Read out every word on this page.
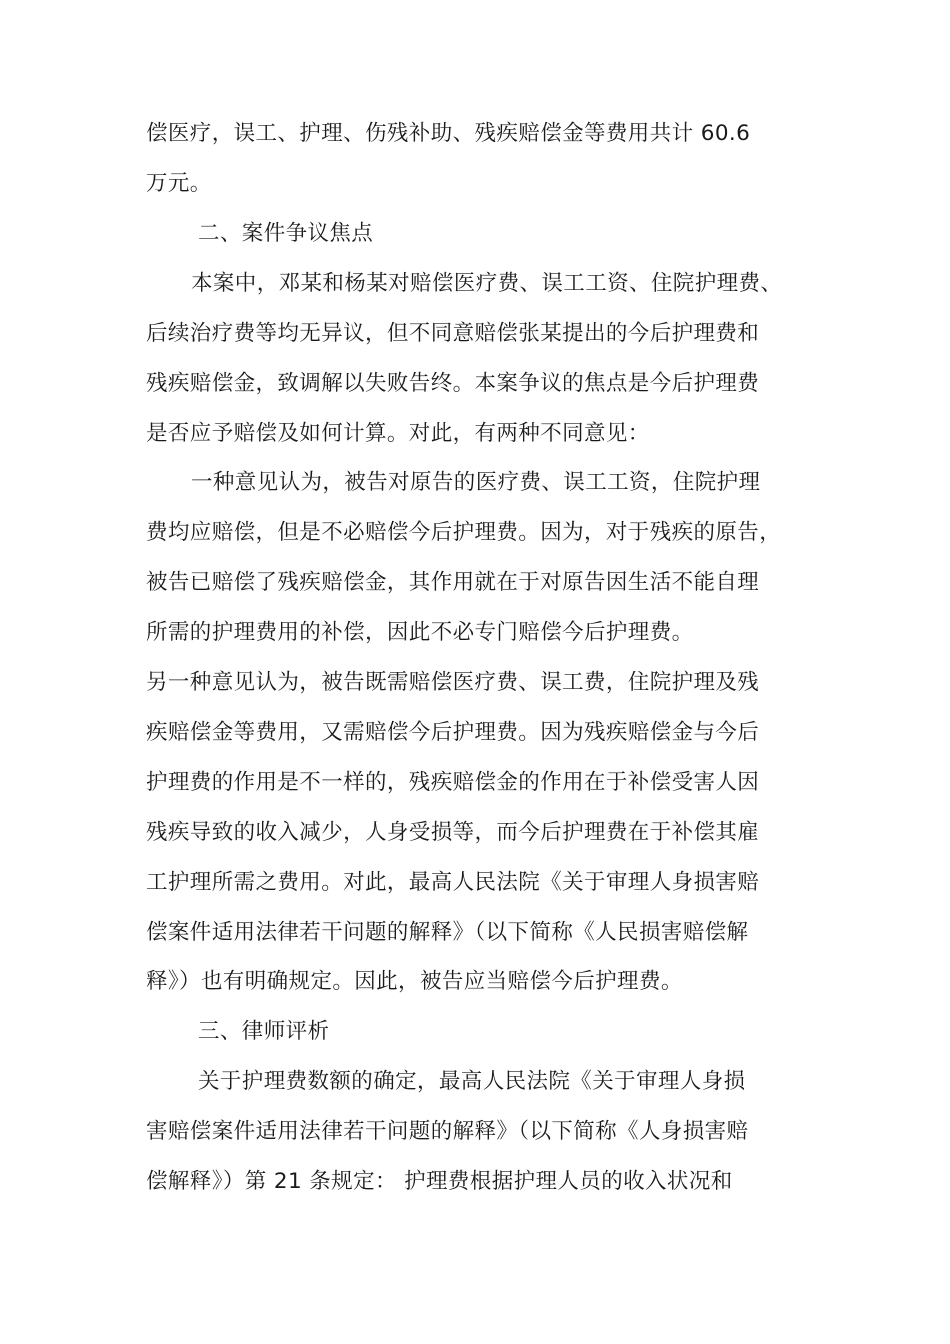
偿医疗，误工、护理、伤残补助、残疾赔偿金等费用共计 60.6
万元。
二、案件争议焦点
本案中，邓某和杨某对赔偿医疗费、误工工资、住院护理费、
后续治疗费等均无异议，但不同意赔偿张某提出的今后护理费和
残疾赔偿金，致调解以失败告终。本案争议的焦点是今后护理费
是否应予赔偿及如何计算。对此，有两种不同意见：
一种意见认为，被告对原告的医疗费、误工工资，住院护理
费均应赔偿，但是不必赔偿今后护理费。因为，对于残疾的原告，
被告已赔偿了残疾赔偿金，其作用就在于对原告因生活不能自理
所需的护理费用的补偿，因此不必专门赔偿今后护理费。
另一种意见认为，被告既需赔偿医疗费、误工费，住院护理及残
疾赔偿金等费用，又需赔偿今后护理费。因为残疾赔偿金与今后
护理费的作用是不一样的，残疾赔偿金的作用在于补偿受害人因
残疾导致的收入减少，人身受损等，而今后护理费在于补偿其雇
工护理所需之费用。对此，最高人民法院《关于审理人身损害赔
偿案件适用法律若干问题的解释》（以下简称《人民损害赔偿解
释》）也有明确规定。因此，被告应当赔偿今后护理费。
三、律师评析
关于护理费数额的确定，最高人民法院《关于审理人身损
害赔偿案件适用法律若干问题的解释》（以下简称《人身损害赔
偿解释》）第 21 条规定： 护理费根据护理人员的收入状况和
